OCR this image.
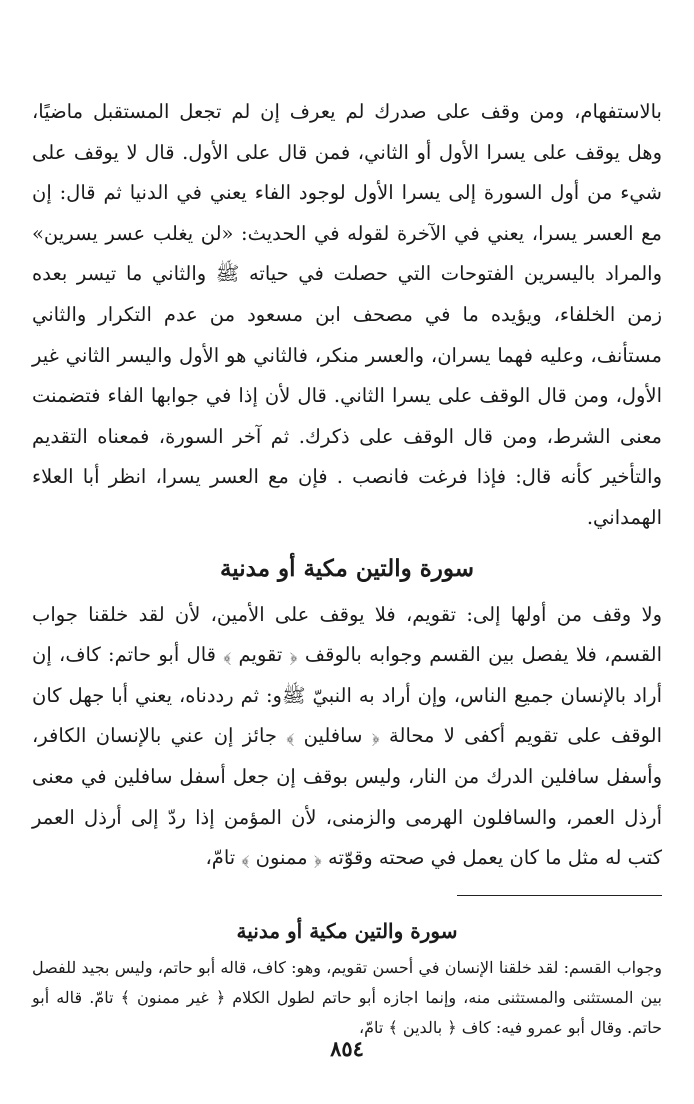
بالاستفهام، ومن وقف على صدرك لم يعرف إن لم تجعل المستقبل ماضيًا، وهل يوقف على يسرا الأول أو الثاني، فمن قال على الأول. قال لا يوقف على شيء من أول السورة إلى يسرا الأول لوجود الفاء يعني في الدنيا ثم قال: إن مع العسر يسرا، يعني في الآخرة لقوله في الحديث: «لن يغلب عسر يسرين» والمراد باليسرين الفتوحات التي حصلت في حياته ﷺ والثاني ما تيسر بعده زمن الخلفاء، ويؤيده ما في مصحف ابن مسعود من عدم التكرار والثاني مستأنف، وعليه فهما يسران، والعسر منكر، فالثاني هو الأول واليسر الثاني غير الأول، ومن قال الوقف على يسرا الثاني. قال لأن إذا في جوابها الفاء فتضمنت معنى الشرط، ومن قال الوقف على ذكرك. ثم آخر السورة، فمعناه التقديم والتأخير كأنه قال: فإذا فرغت فانصب . فإن مع العسر يسرا، انظر أبا العلاء الهمداني.

سورة والتين مكية أو مدنية

ولا وقف من أولها إلى: تقويم، فلا يوقف على الأمين، لأن لقد خلقنا جواب القسم، فلا يفصل بين القسم وجوابه بالوقف ﴿ تقويم ﴾ قال أبو حاتم: كاف، إن أراد بالإنسان جميع الناس، وإن أراد به النبيّ ﷺو: ثم رددناه، يعني أبا جهل كان الوقف على تقويم أكفى لا محالة ﴿ سافلين ﴾ جائز إن عني بالإنسان الكافر، وأسفل سافلين الدرك من النار، وليس بوقف إن جعل أسفل سافلين في معنى أرذل العمر، والسافلون الهرمى والزمنى، لأن المؤمن إذا ردّ إلى أرذل العمر كتب له مثل ما كان يعمل في صحته وقوّته ﴿ ممنون ﴾ تامّ،

سورة والتين مكية أو مدنية

وجواب القسم: لقد خلقنا الإنسان في أحسن تقويم، وهو: كاف، قاله أبو حاتم، وليس بجيد للفصل بين المستثنى والمستثنى منه، وإنما اجازه أبو حاتم لطول الكلام ﴿ غير ممنون ﴾ تامّ. قاله أبو حاتم. وقال أبو عمرو فيه: كاف ﴿ بالدين ﴾ تامّ،

٨٥٤
